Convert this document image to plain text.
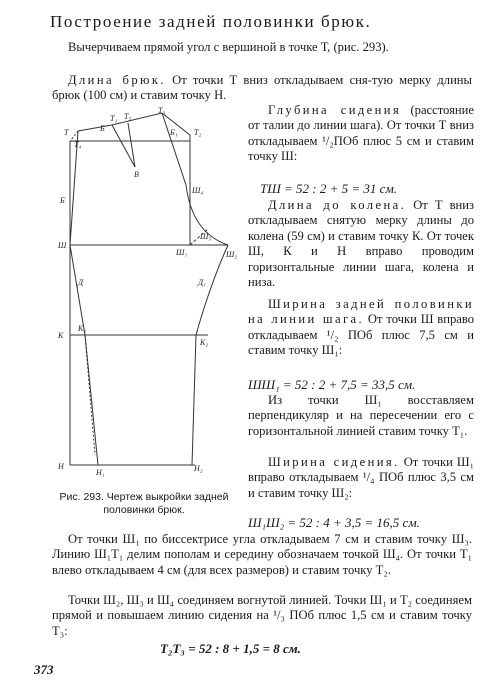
Построение задней половинки брюк.

Вычерчиваем прямой угол с вершиной в точке Т, (рис. 293).

Длина брюк. От точки Т вниз откладываем сня-тую мерку длины брюк (100 см) и ставим точку Н.

Глубина сидения (расстояние от талии до линии шага). От точки Т вниз откладываем ¹/₂ПОб плюс 5 см и ставим точку Ш:

ТШ = 52 : 2 + 5 = 31 см.

Длина до колена. От Т вниз откладываем снятую мерку длины до колена (59 см) и ставим точку К. От точек Ш, К и Н вправо проводим горизонтальные линии шага, колена и низа.

Ширина задней половинки на линии шага. От точки Ш вправо откладываем ¹/₂ ПОб плюс 7,5 см и ставим точку Ш₁:

ШШ₁ = 52 : 2 + 7,5 = 33,5 см.

Из точки Ш₁ восставляем перпендикуляр и на пересечении его с горизонтальной линией ставим точку Т₁.

Ширина сидения. От точки Ш₁ вправо откладываем ¹/₄ ПОб плюс 3,5 см и ставим точку Ш₂:

Ш₁Ш₂ = 52 : 4 + 3,5 = 16,5 см.
Рис. 293. Чертеж выкройки задней половинки брюк.

От точки Ш₁ по биссектрисе угла откладываем 7 см и ставим точку Ш₃. Линию Ш₁Т₁ делим пополам и середину обозначаем точкой Ш₄. От точки Т₁ влево откладываем 4 см (для всех размеров) и ставим точку Т₂.

Точки Ш₂, Ш₃ и Ш₄ соединяем вогнутой линией. Точки Ш₁ и Т₂ соединяем прямой и повышаем линию сидения на ¹/₃ ПОб плюс 1,5 см и ставим точку Т₃:

Т₂Т₃ = 52 : 8 + 1,5 = 8 см.
373
Т₃
Т
Т₄
Т₁ Т₅
Б	Б₁ Т₂
В
Б
Ш₄
Ш
Ш₁
Ш₃
Ш₂
Д	Д₁
К
К₁
К₂
Н
Н₁	Н₂
